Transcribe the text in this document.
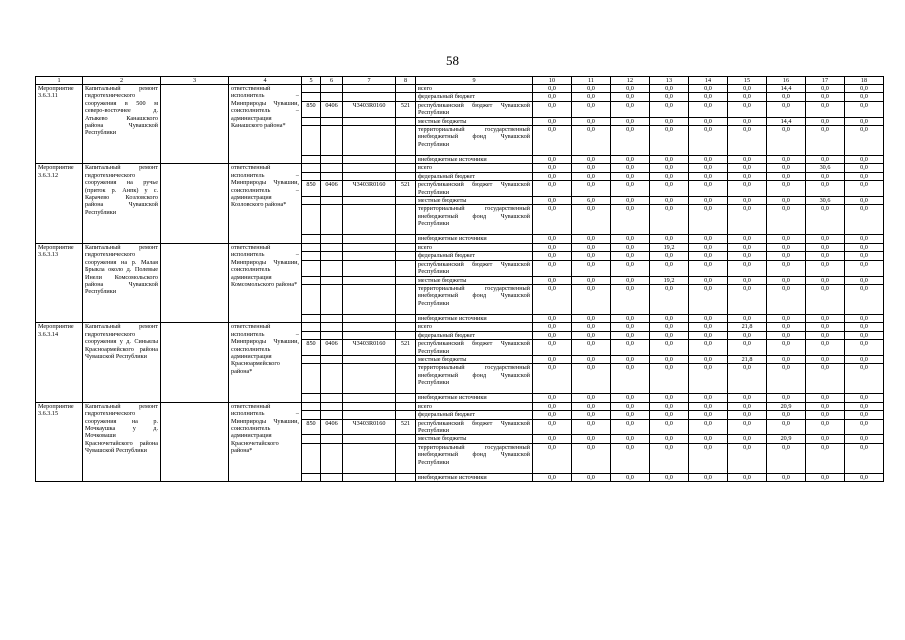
58
1	2	3	4	5	6	7	8	9	10	11	12	13	14	15	16	17	18
Мероприятие 3.6.3.11	Капитальный ремонт гидротехнического сооружения в 500 м северо-восточнее д. Атыкево Канашского района Чувашской Республики		ответственный исполнитель – Минприроды Чувашии, соисполнитель – администрация Канашского района*					всего	0,0	0,0	0,0	0,0	0,0	0,0	14,4	0,0	0,0
								федеральный бюджет	0,0	0,0	0,0	0,0	0,0	0,0	0,0	0,0	0,0
				850	0406	Ч3403R0160	521	республиканский бюджет Чувашской Республики	0,0	0,0	0,0	0,0	0,0	0,0	0,0	0,0	0,0
								местные бюджеты	0,0	0,0	0,0	0,0	0,0	0,0	14,4	0,0	0,0
								территориальный государственный внебюджетный фонд Чувашской Республики	0,0	0,0	0,0	0,0	0,0	0,0	0,0	0,0	0,0
								внебюджетные источники	0,0	0,0	0,0	0,0	0,0	0,0	0,0	0,0	0,0
Мероприятие 3.6.3.12	Капитальный ремонт гидротехнического сооружения на ручье (приток р. Анпк) у с. Карачево Козловского района Чувашской Республики		ответственный исполнитель – Минприроды Чувашии, соисполнитель – администрация Козловского района*					всего	0,0	0,0	0,0	0,0	0,0	0,0	0,0	30,6	0,0
								федеральный бюджет	0,0	0,0	0,0	0,0	0,0	0,0	0,0	0,0	0,0
				850	0406	Ч3403R0160	521	республиканский бюджет Чувашской Республики	0,0	0,0	0,0	0,0	0,0	0,0	0,0	0,0	0,0
								местные бюджеты	0,0	6,0	0,0	0,0	0,0	0,0	0,0	30,6	0,0
								территориальный государственный внебюджетный фонд Чувашской Республики	0,0	0,0	0,0	0,0	0,0	0,0	0,0	0,0	0,0
								внебюджетные источники	0,0	0,0	0,0	0,0	0,0	0,0	0,0	0,0	0,0
Мероприятие 3.6.3.13	Капитальный ремонт гидротехнического сооружения на р. Малая Брыкла около д. Полевые Инели Комсомольского района Чувашской Республики		ответственный исполнитель – Минприроды Чувашии, соисполнитель администрация Комсомольского района*					всего	0,0	0,0	0,0	19,2	0,0	0,0	0,0	0,0	0,0
								федеральный бюджет	0,0	0,0	0,0	0,0	0,0	0,0	0,0	0,0	0,0
								республиканский бюджет Чувашской Республики	0,0	0,0	0,0	0,0	0,0	0,0	0,0	0,0	0,0
								местные бюджеты	0,0	0,0	0,0	19,2	0,0	0,0	0,0	0,0	0,0
								территориальный государственный внебюджетный фонд Чувашской Республики	0,0	0,0	0,0	0,0	0,0	0,0	0,0	0,0	0,0
								внебюджетные источники	0,0	0,0	0,0	0,0	0,0	0,0	0,0	0,0	0,0
Мероприятие 3.6.3.14	Капитальный ремонт гидротехнического сооружения у д. Синьялы Красноармейского района Чувашской Республики		ответственный исполнитель – Минприроды Чувашии, соисполнитель администрация Красноармейского района*					всего	0,0	0,0	0,0	0,0	0,0	21,8	0,0	0,0	0,0
								федеральный бюджет	0,0	0,0	0,0	0,0	0,0	0,0	0,0	0,0	0,0
				850	0406	Ч3403R0160	521	республиканский бюджет Чувашской Республики	0,0	0,0	0,0	0,0	0,0	0,0	0,0	0,0	0,0
								местные бюджеты	0,0	0,0	0,0	0,0	0,0	21,8	0,0	0,0	0,0
								территориальный государственный внебюджетный фонд Чувашской Республики	0,0	0,0	0,0	0,0	0,0	0,0	0,0	0,0	0,0
								внебюджетные источники	0,0	0,0	0,0	0,0	0,0	0,0	0,0	0,0	0,0
Мероприятие 3.6.3.15	Капитальный ремонт гидротехнического сооружения на р. Мочкаушка у д. Мочковаши Красночетайского района Чувашской Республики		ответственный исполнитель – Минприроды Чувашии, соисполнитель администрация Красночетайского района*					всего	0,0	0,0	0,0	0,0	0,0	0,0	20,9	0,0	0,0
								федеральный бюджет	0,0	0,0	0,0	0,0	0,0	0,0	0,0	0,0	0,0
				850	0406	Ч3403R0160	521	республиканский бюджет Чувашской Республики	0,0	0,0	0,0	0,0	0,0	0,0	0,0	0,0	0,0
								местные бюджеты	0,0	0,0	0,0	0,0	0,0	0,0	20,9	0,0	0,0
								территориальный государственный внебюджетный фонд Чувашской Республики	0,0	0,0	0,0	0,0	0,0	0,0	0,0	0,0	0,0
								внебюджетные источники	0,0	0,0	0,0	0,0	0,0	0,0	0,0	0,0	0,0
